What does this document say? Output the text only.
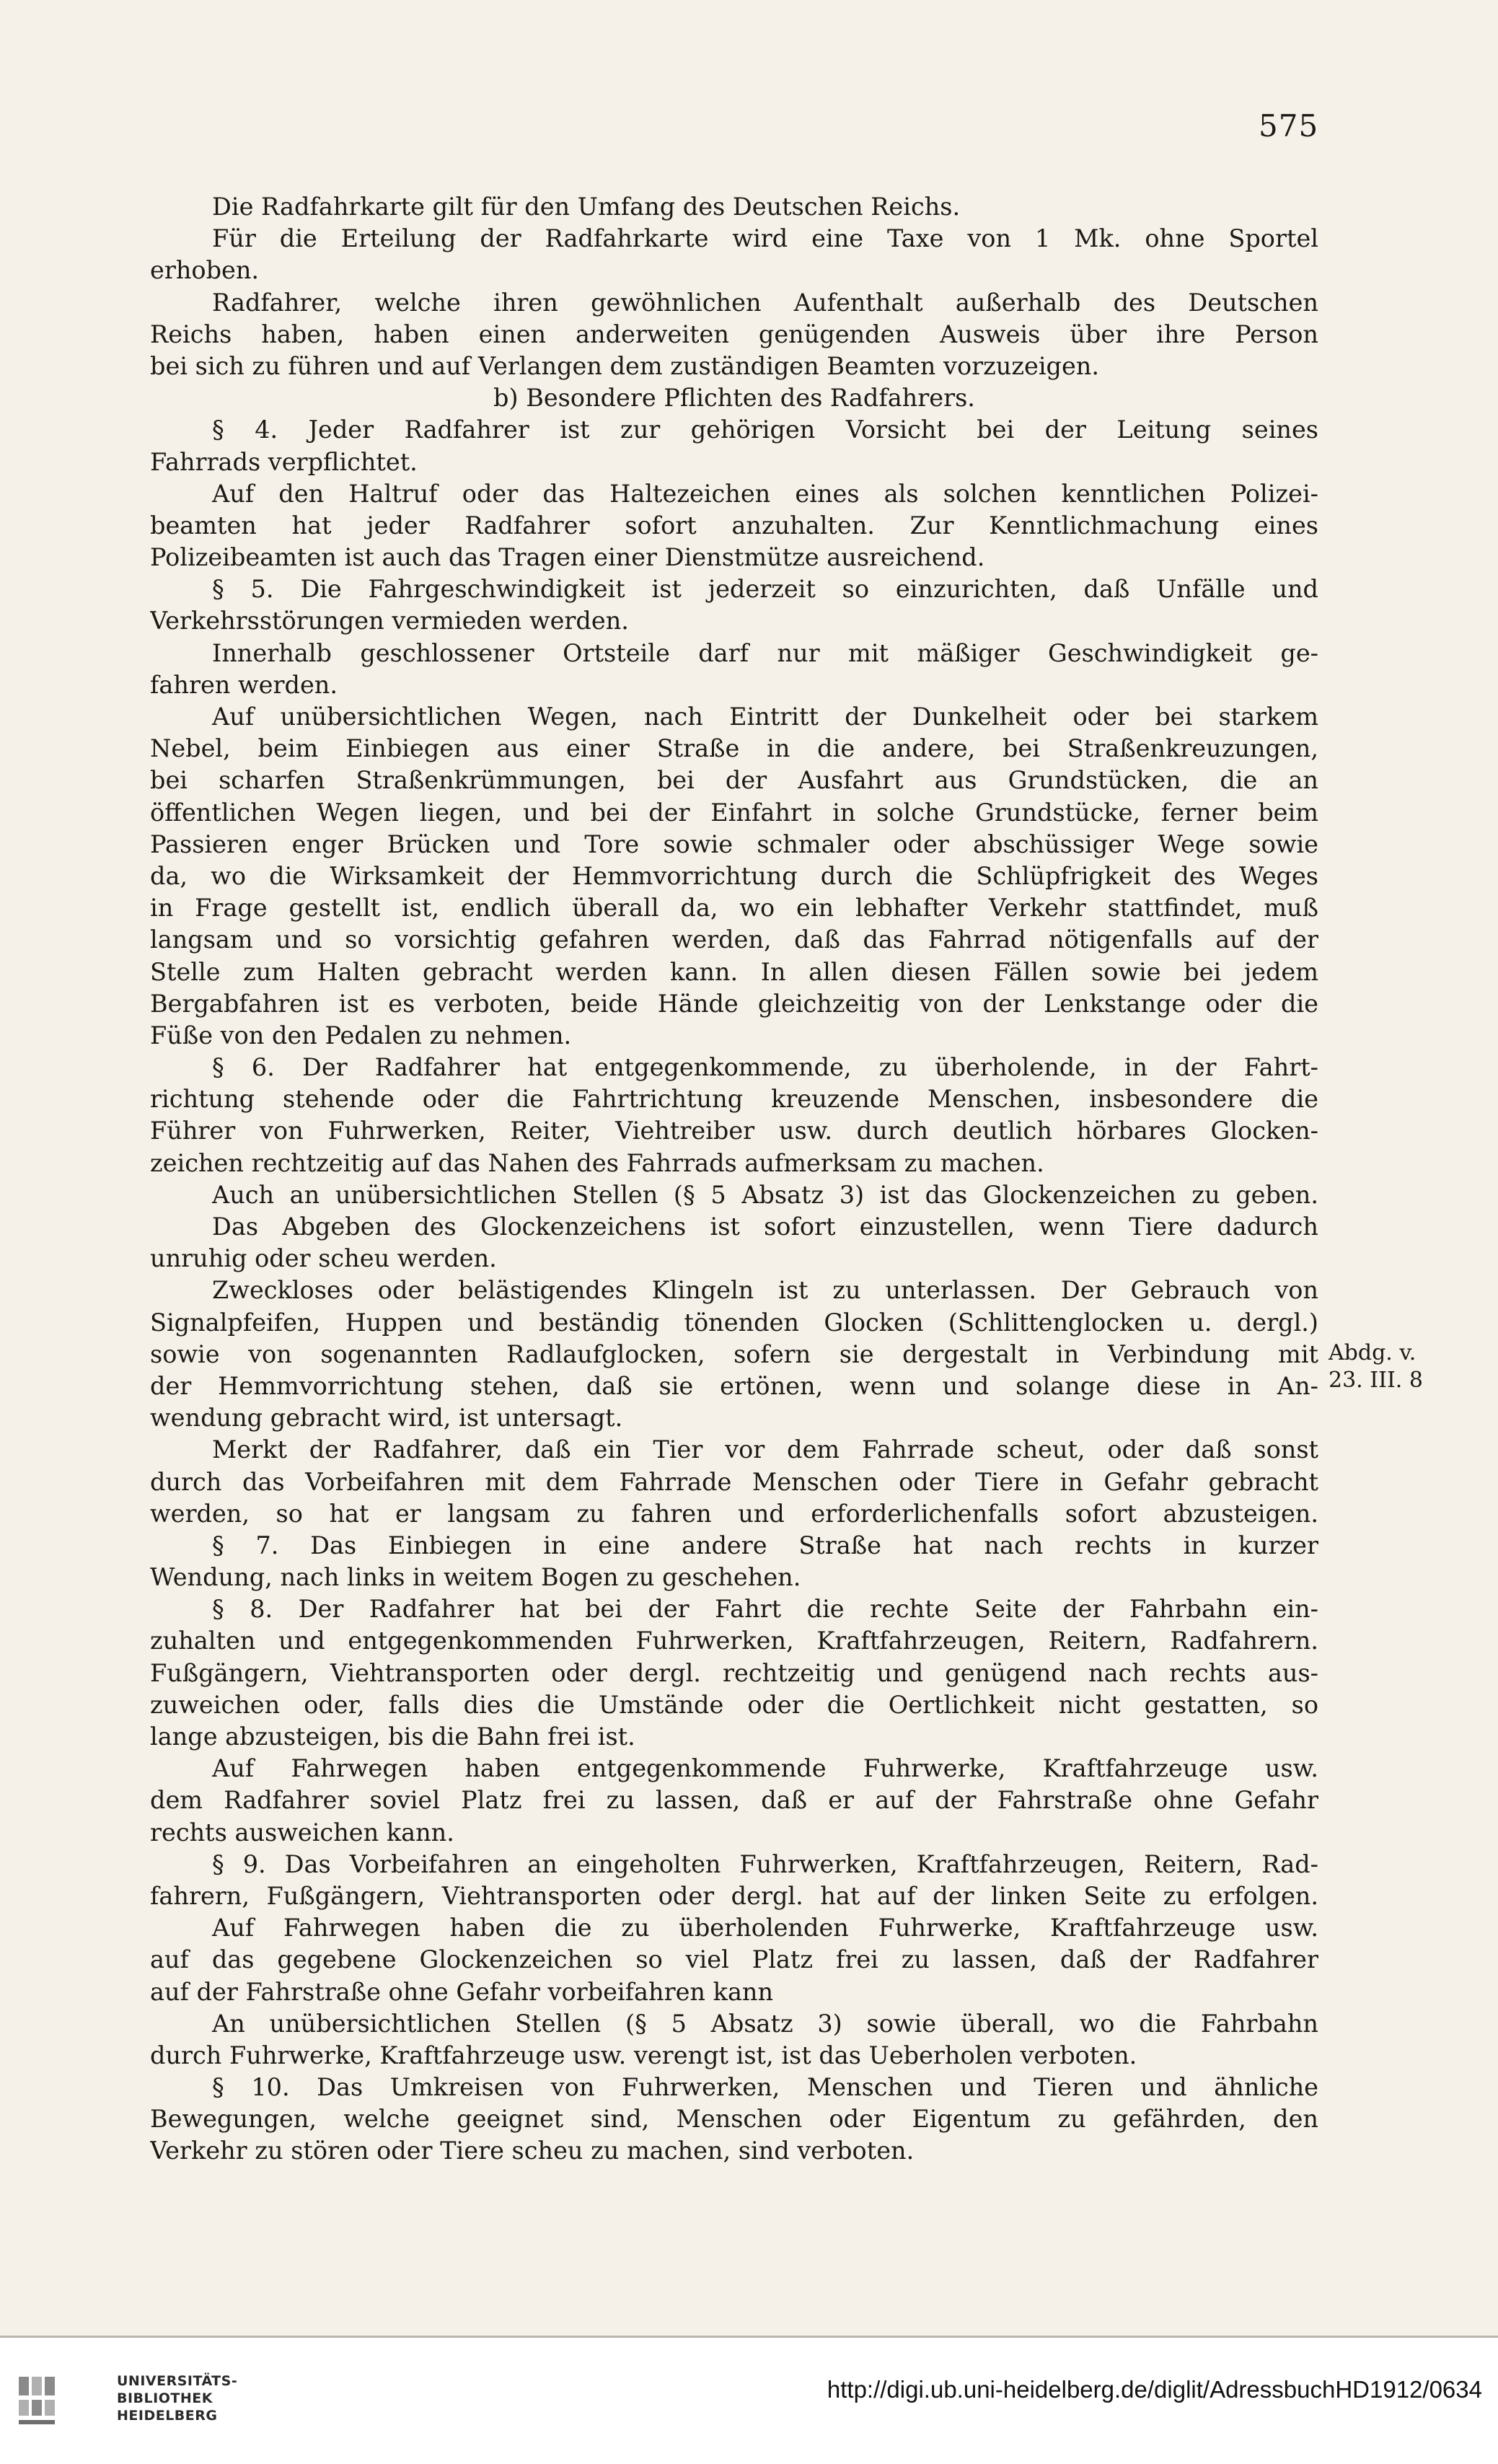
575
Die Radfahrkarte gilt für den Umfang des Deutschen Reichs.
Für die Erteilung der Radfahrkarte wird eine Taxe von 1 Mk. ohne Sportel
erhoben.
Radfahrer, welche ihren gewöhnlichen Aufenthalt außerhalb des Deutschen
Reichs haben, haben einen anderweiten genügenden Ausweis über ihre Person
bei sich zu führen und auf Verlangen dem zuständigen Beamten vorzuzeigen.
b) Besondere Pflichten des Radfahrers.
§ 4. Jeder Radfahrer ist zur gehörigen Vorsicht bei der Leitung seines
Fahrrads verpflichtet.
Auf den Haltruf oder das Haltezeichen eines als solchen kenntlichen Polizei-
beamten hat jeder Radfahrer sofort anzuhalten. Zur Kenntlichmachung eines
Polizeibeamten ist auch das Tragen einer Dienstmütze ausreichend.
§ 5. Die Fahrgeschwindigkeit ist jederzeit so einzurichten, daß Unfälle und
Verkehrsstörungen vermieden werden.
Innerhalb geschlossener Ortsteile darf nur mit mäßiger Geschwindigkeit ge-
fahren werden.
Auf unübersichtlichen Wegen, nach Eintritt der Dunkelheit oder bei starkem
Nebel, beim Einbiegen aus einer Straße in die andere, bei Straßenkreuzungen,
bei scharfen Straßenkrümmungen, bei der Ausfahrt aus Grundstücken, die an
öffentlichen Wegen liegen, und bei der Einfahrt in solche Grundstücke, ferner beim
Passieren enger Brücken und Tore sowie schmaler oder abschüssiger Wege sowie
da, wo die Wirksamkeit der Hemmvorrichtung durch die Schlüpfrigkeit des Weges
in Frage gestellt ist, endlich überall da, wo ein lebhafter Verkehr stattfindet, muß
langsam und so vorsichtig gefahren werden, daß das Fahrrad nötigenfalls auf der
Stelle zum Halten gebracht werden kann. In allen diesen Fällen sowie bei jedem
Bergabfahren ist es verboten, beide Hände gleichzeitig von der Lenkstange oder die
Füße von den Pedalen zu nehmen.
§ 6. Der Radfahrer hat entgegenkommende, zu überholende, in der Fahrt-
richtung stehende oder die Fahrtrichtung kreuzende Menschen, insbesondere die
Führer von Fuhrwerken, Reiter, Viehtreiber usw. durch deutlich hörbares Glocken-
zeichen rechtzeitig auf das Nahen des Fahrrads aufmerksam zu machen.
Auch an unübersichtlichen Stellen (§ 5 Absatz 3) ist das Glockenzeichen zu geben.
Das Abgeben des Glockenzeichens ist sofort einzustellen, wenn Tiere dadurch
unruhig oder scheu werden.
Zweckloses oder belästigendes Klingeln ist zu unterlassen. Der Gebrauch von
Signalpfeifen, Huppen und beständig tönenden Glocken (Schlittenglocken u. dergl.)
sowie von sogenannten Radlaufglocken, sofern sie dergestalt in Verbindung mit
der Hemmvorrichtung stehen, daß sie ertönen, wenn und solange diese in An-
wendung gebracht wird, ist untersagt.
Merkt der Radfahrer, daß ein Tier vor dem Fahrrade scheut, oder daß sonst
durch das Vorbeifahren mit dem Fahrrade Menschen oder Tiere in Gefahr gebracht
werden, so hat er langsam zu fahren und erforderlichenfalls sofort abzusteigen.
§ 7. Das Einbiegen in eine andere Straße hat nach rechts in kurzer
Wendung, nach links in weitem Bogen zu geschehen.
§ 8. Der Radfahrer hat bei der Fahrt die rechte Seite der Fahrbahn ein-
zuhalten und entgegenkommenden Fuhrwerken, Kraftfahrzeugen, Reitern, Radfahrern.
Fußgängern, Viehtransporten oder dergl. rechtzeitig und genügend nach rechts aus-
zuweichen oder, falls dies die Umstände oder die Oertlichkeit nicht gestatten, so
lange abzusteigen, bis die Bahn frei ist.
Auf Fahrwegen haben entgegenkommende Fuhrwerke, Kraftfahrzeuge usw.
dem Radfahrer soviel Platz frei zu lassen, daß er auf der Fahrstraße ohne Gefahr
rechts ausweichen kann.
§ 9. Das Vorbeifahren an eingeholten Fuhrwerken, Kraftfahrzeugen, Reitern, Rad-
fahrern, Fußgängern, Viehtransporten oder dergl. hat auf der linken Seite zu erfolgen.
Auf Fahrwegen haben die zu überholenden Fuhrwerke, Kraftfahrzeuge usw.
auf das gegebene Glockenzeichen so viel Platz frei zu lassen, daß der Radfahrer
auf der Fahrstraße ohne Gefahr vorbeifahren kann
An unübersichtlichen Stellen (§ 5 Absatz 3) sowie überall, wo die Fahrbahn
durch Fuhrwerke, Kraftfahrzeuge usw. verengt ist, ist das Ueberholen verboten.
§ 10. Das Umkreisen von Fuhrwerken, Menschen und Tieren und ähnliche
Bewegungen, welche geeignet sind, Menschen oder Eigentum zu gefährden, den
Verkehr zu stören oder Tiere scheu zu machen, sind verboten.
Abdg. v.
23. III. 8
UNIVERSITÄTS-
BIBLIOTHEK
HEIDELBERG
http://digi.ub.uni-heidelberg.de/diglit/AdressbuchHD1912/0634
